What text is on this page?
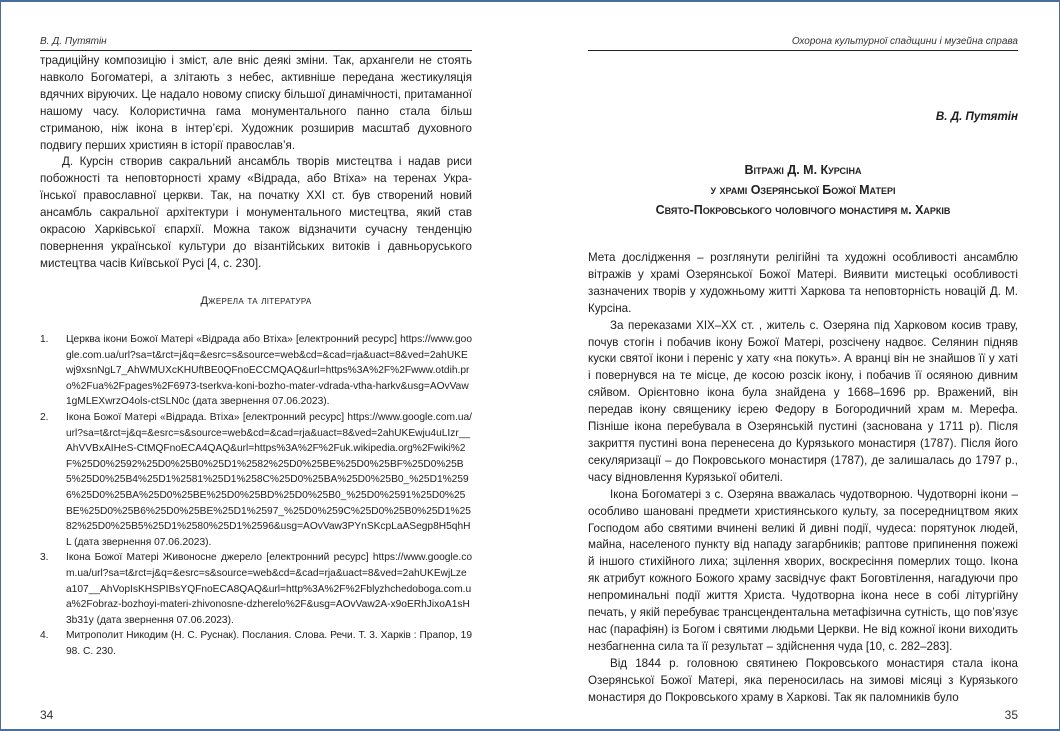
В. Д. Путятін

традиційну композицію і зміст, але вніс деякі зміни. Так, архангели не стоять навколо Богоматері, а злітають з небес, активніше передана жестикуляція вдячних віруючих. Це надало новому списку більшої динамічності, притаманної нашому часу. Колористична гама монументального панно стала більш стриманою, ніж ікона в інтер’єрі. Художник розширив масштаб духовного подвигу перших християн в історії православ’я.

Д. Курсін створив сакральний ансамбль творів мистецтва і надав риси побожності та неповторності храму «Відрада, або Втіха» на теренах Української православної церкви. Так, на початку XXI ст. був створений новий ансамбль сакральної архітектури і монументального мистецтва, який став окрасою Харківської єпархії. Можна також відзначити сучасну тенденцію повернення української культури до візантійських витоків і давньоруського мистецтва часів Київської Русі [4, с. 230].

Джерела та література
1. Церква ікони Божої Матері «Відрада або Втіха» [електронний ресурс] https://www.google.com.ua/url?sa=t&rct=j&q=&esrc=s&source=web&cd=&cad=rja&uact=8&ved=2ahUKEwj9xsnNgL7_AhWMUXcKHUftBE0QFnoECCMQAQ&url=https%3A%2F%2Fwww.otdih.pro%2Fua%2Fpages%2F6973-tserkva-koni-bozho-mater-vdrada-vtha-harkv&usg=AOvVaw1gMLEXwrzO4ols-ctSLN0c (дата звернення 07.06.2023).
2. Ікона Божої Матері «Відрада. Втіха» [електронний ресурс] https://www.google.com.ua/url?sa=t&rct=j&q=&esrc=s&source=web&cd=&cad=rja&uact=8&ved=2ahUKEwju4uLIzr__AhVVBxAIHeS-CtMQFnoECA4QAQ&url=https%3A%2F%2Fuk.wikipedia.org%2Fwiki%2F%25D0%2592%25D0%25B0%25D1%2582%25D0%25BE%25D0%25BF%25D0%25B5%25D0%25B4%25D1%2581%25D1%258C%25D0%25BA%25D0%25B0_%25D1%2596%25D0%25BA%25D0%25BE%25D0%25BD%25D0%25B0_%25D0%2591%25D0%25BE%25D0%25B6%25D0%25BE%25D1%2597_%25D0%259C%25D0%25B0%25D1%2582%25D0%25B5%25D1%2580%25D1%2596&usg=AOvVaw3PYnSKcpLaASegp8H5qhHL (дата звернення 07.06.2023).
3. Ікона Божої Матері Живоносне джерело [електронний ресурс] https://www.google.com.ua/url?sa=t&rct=j&q=&esrc=s&source=web&cd=&cad=rja&uact=8&ved=2ahUKEwjLzea107__AhVopIsKHSPIBsYQFnoECA8QAQ&url=http%3A%2F%2Fblyzhchedoboga.com.ua%2Fobraz-bozhoyi-materi-zhivonosne-dzherelo%2F&usg=AOvVaw2A-x9oERhJixoA1sH3b31y (дата звернення 07.06.2023).
4. Митрополит Никодим (Н. С. Руснак). Послания. Слова. Речи. Т. 3. Харків : Прапор, 1998. С. 230.
34
Охорона культурної спадщини і музейна справа
В. Д. Путятін
Вітражі Д. М. Курсіна
у храмі Озерянської Божої Матері
Свято-Покровського чоловічого монастиря м. Харків

Мета дослідження – розглянути релігійні та художні особливості ансамблю вітражів у храмі Озерянської Божої Матері. Виявити мистецькі особливості зазначених творів у художньому житті Харкова та неповторність новацій Д. М. Курсіна.

За переказами XIX–XX ст. , житель с. Озеряна під Харковом косив траву, почув стогін і побачив ікону Божої Матері, розсічену надвоє. Селянин підняв куски святої ікони і переніс у хату «на покуть». А вранці він не знайшов її у хаті і повернувся на те місце, де косою розсік ікону, і побачив її осяяною дивним сяйвом. Орієнтовно ікона була знайдена у 1668–1696 рр. Вражений, він передав ікону священику ієрею Федору в Богородичний храм м. Мерефа. Пізніше ікона перебувала в Озерянській пустині (заснована у 1711 р). Після закриття пустині вона перенесена до Курязького монастиря (1787). Після його секуляризації – до Покровського монастиря (1787), де залишалась до 1797 р., часу відновлення Курязької обителі.

Ікона Богоматері з с. Озеряна вважалась чудотворною. Чудотворні ікони – особливо шановані предмети християнського культу, за посередництвом яких Господом або святими вчинені великі й дивні події, чудеса: порятунок людей, майна, населеного пункту від нападу загарбників; раптове припинення пожежі й іншого стихійного лиха; зцілення хворих, воскресіння померлих тощо. Ікона як атрибут кожного Божого храму засвідчує факт Боговтілення, нагадуючи про непроминальні події життя Христа. Чудотворна ікона несе в собі літургійну печать, у якій перебуває трансцендентальна метафізична сутність, що пов’язує нас (парафіян) із Богом і святими людьми Церкви. Не від кожної ікони виходить незбагненна сила та її результат – здійснення чуда [10, с. 282–283].

Від 1844 р. головною святинею Покровського монастиря стала ікона Озерянської Божої Матері, яка переносилась на зимові місяці з Курязького монастиря до Покровського храму в Харкові. Так як паломників було

35
